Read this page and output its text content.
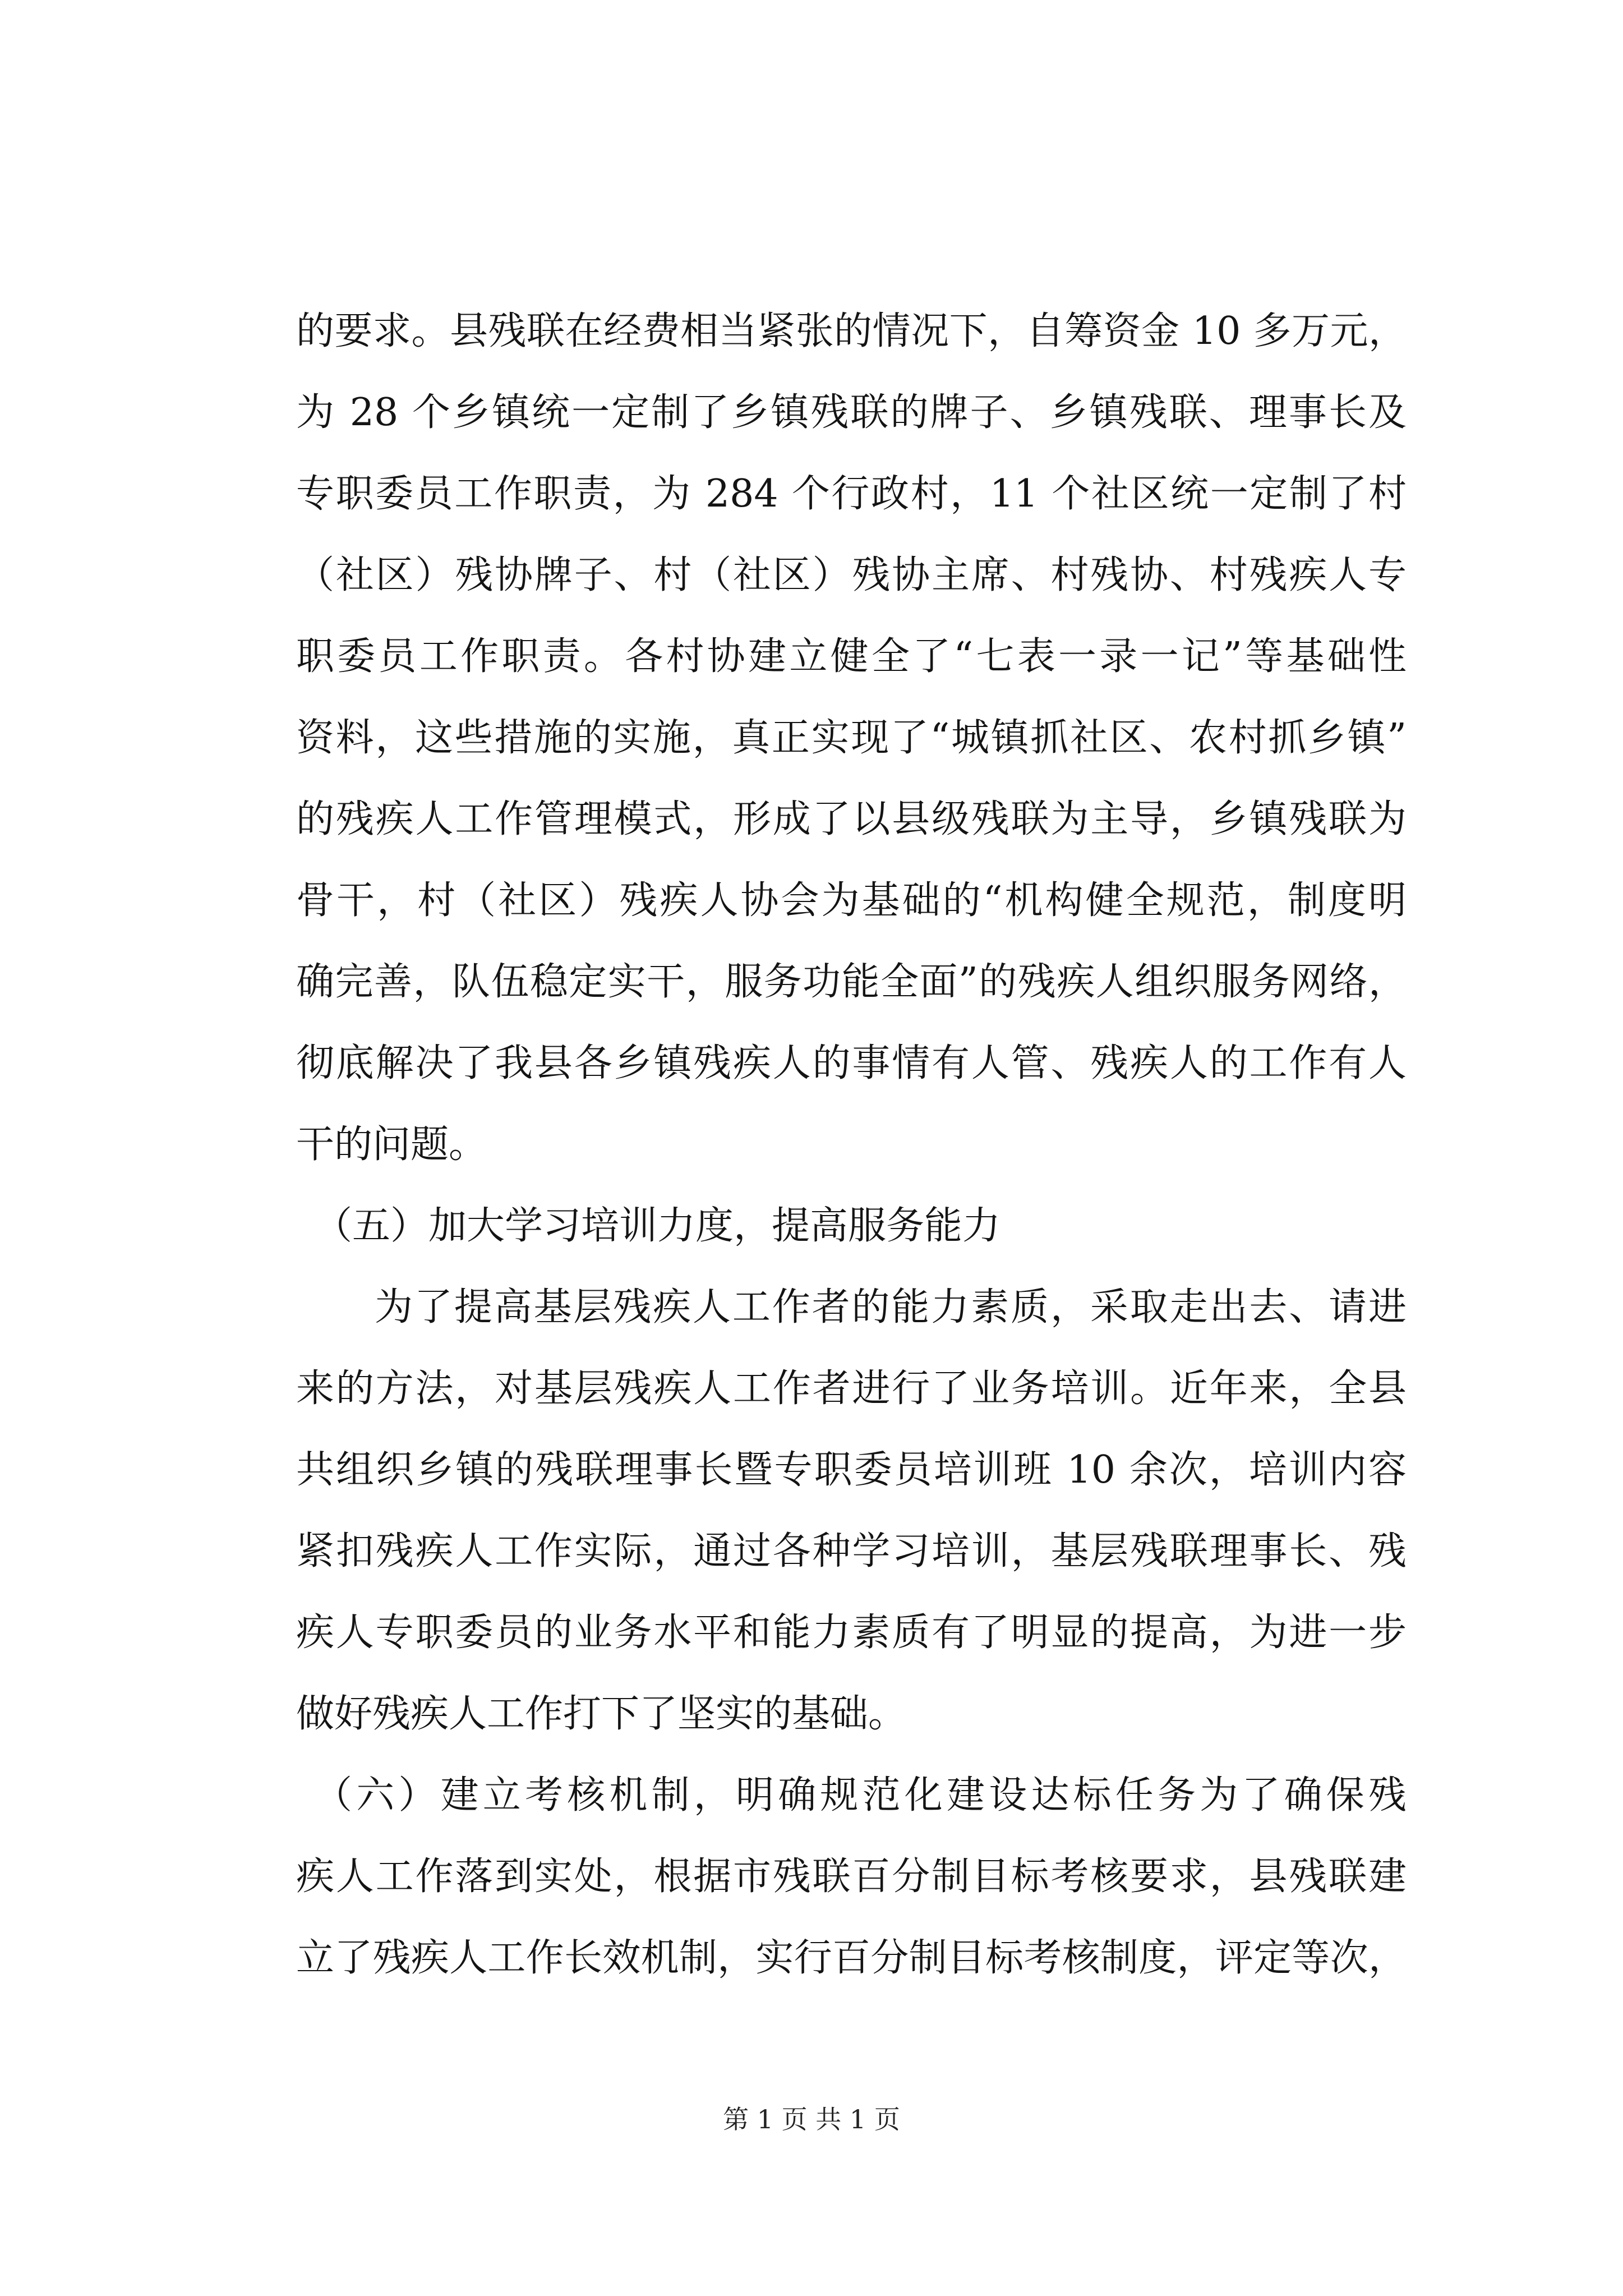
的要求。县残联在经费相当紧张的情况下，自筹资金 10 多万元，
为 28 个乡镇统一定制了乡镇残联的牌子、乡镇残联、理事长及
专职委员工作职责，为 284 个行政村，11 个社区统一定制了村
（社区）残协牌子、村（社区）残协主席、村残协、村残疾人专
职委员工作职责。各村协建立健全了“七表一录一记”等基础性
资料，这些措施的实施，真正实现了“城镇抓社区、农村抓乡镇”
的残疾人工作管理模式，形成了以县级残联为主导，乡镇残联为
骨干，村（社区）残疾人协会为基础的“机构健全规范，制度明
确完善，队伍稳定实干，服务功能全面”的残疾人组织服务网络，
彻底解决了我县各乡镇残疾人的事情有人管、残疾人的工作有人
干的问题。
（五）加大学习培训力度，提高服务能力
为了提高基层残疾人工作者的能力素质，采取走出去、请进
来的方法，对基层残疾人工作者进行了业务培训。近年来，全县
共组织乡镇的残联理事长暨专职委员培训班 10 余次，培训内容
紧扣残疾人工作实际，通过各种学习培训，基层残联理事长、残
疾人专职委员的业务水平和能力素质有了明显的提高，为进一步
做好残疾人工作打下了坚实的基础。
（六）建立考核机制，明确规范化建设达标任务为了确保残
疾人工作落到实处，根据市残联百分制目标考核要求，县残联建
立了残疾人工作长效机制，实行百分制目标考核制度，评定等次，
第 1 页 共 1 页
